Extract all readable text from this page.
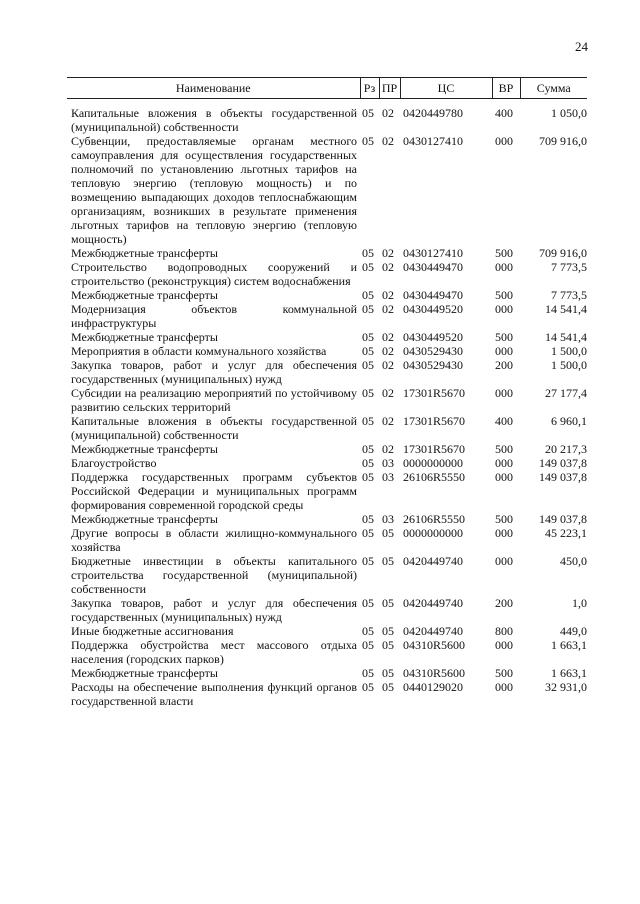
24
Наименование	Рз	ПР	ЦС	ВР	Сумма
Капитальные вложения в объекты государственной (муниципальной) собственности	05	02	0420449780	400	1 050,0
Субвенции, предоставляемые органам местного самоуправления для осуществления государственных полномочий по установлению льготных тарифов на тепловую энергию (тепловую мощность) и по возмещению выпадающих доходов теплоснабжающим организациям, возникших в результате применения льготных тарифов на тепловую энергию (тепловую мощность)	05	02	0430127410	000	709 916,0
Межбюджетные трансферты	05	02	0430127410	500	709 916,0
Строительство водопроводных сооружений и строительство (реконструкция) систем водоснабжения	05	02	0430449470	000	7 773,5
Межбюджетные трансферты	05	02	0430449470	500	7 773,5
Модернизация объектов коммунальной инфраструктуры	05	02	0430449520	000	14 541,4
Межбюджетные трансферты	05	02	0430449520	500	14 541,4
Мероприятия в области коммунального хозяйства	05	02	0430529430	000	1 500,0
Закупка товаров, работ и услуг для обеспечения государственных (муниципальных) нужд	05	02	0430529430	200	1 500,0
Субсидии на реализацию мероприятий по устойчивому развитию сельских территорий	05	02	17301R5670	000	27 177,4
Капитальные вложения в объекты государственной (муниципальной) собственности	05	02	17301R5670	400	6 960,1
Межбюджетные трансферты	05	02	17301R5670	500	20 217,3
Благоустройство	05	03	0000000000	000	149 037,8
Поддержка государственных программ субъектов Российской Федерации и муниципальных программ формирования современной городской среды	05	03	26106R5550	000	149 037,8
Межбюджетные трансферты	05	03	26106R5550	500	149 037,8
Другие вопросы в области жилищно-коммунального хозяйства	05	05	0000000000	000	45 223,1
Бюджетные инвестиции в объекты капитального строительства государственной (муниципальной) собственности	05	05	0420449740	000	450,0
Закупка товаров, работ и услуг для обеспечения государственных (муниципальных) нужд	05	05	0420449740	200	1,0
Иные бюджетные ассигнования	05	05	0420449740	800	449,0
Поддержка обустройства мест массового отдыха населения (городских парков)	05	05	04310R5600	000	1 663,1
Межбюджетные трансферты	05	05	04310R5600	500	1 663,1
Расходы на обеспечение выполнения функций органов государственной власти	05	05	0440129020	000	32 931,0
